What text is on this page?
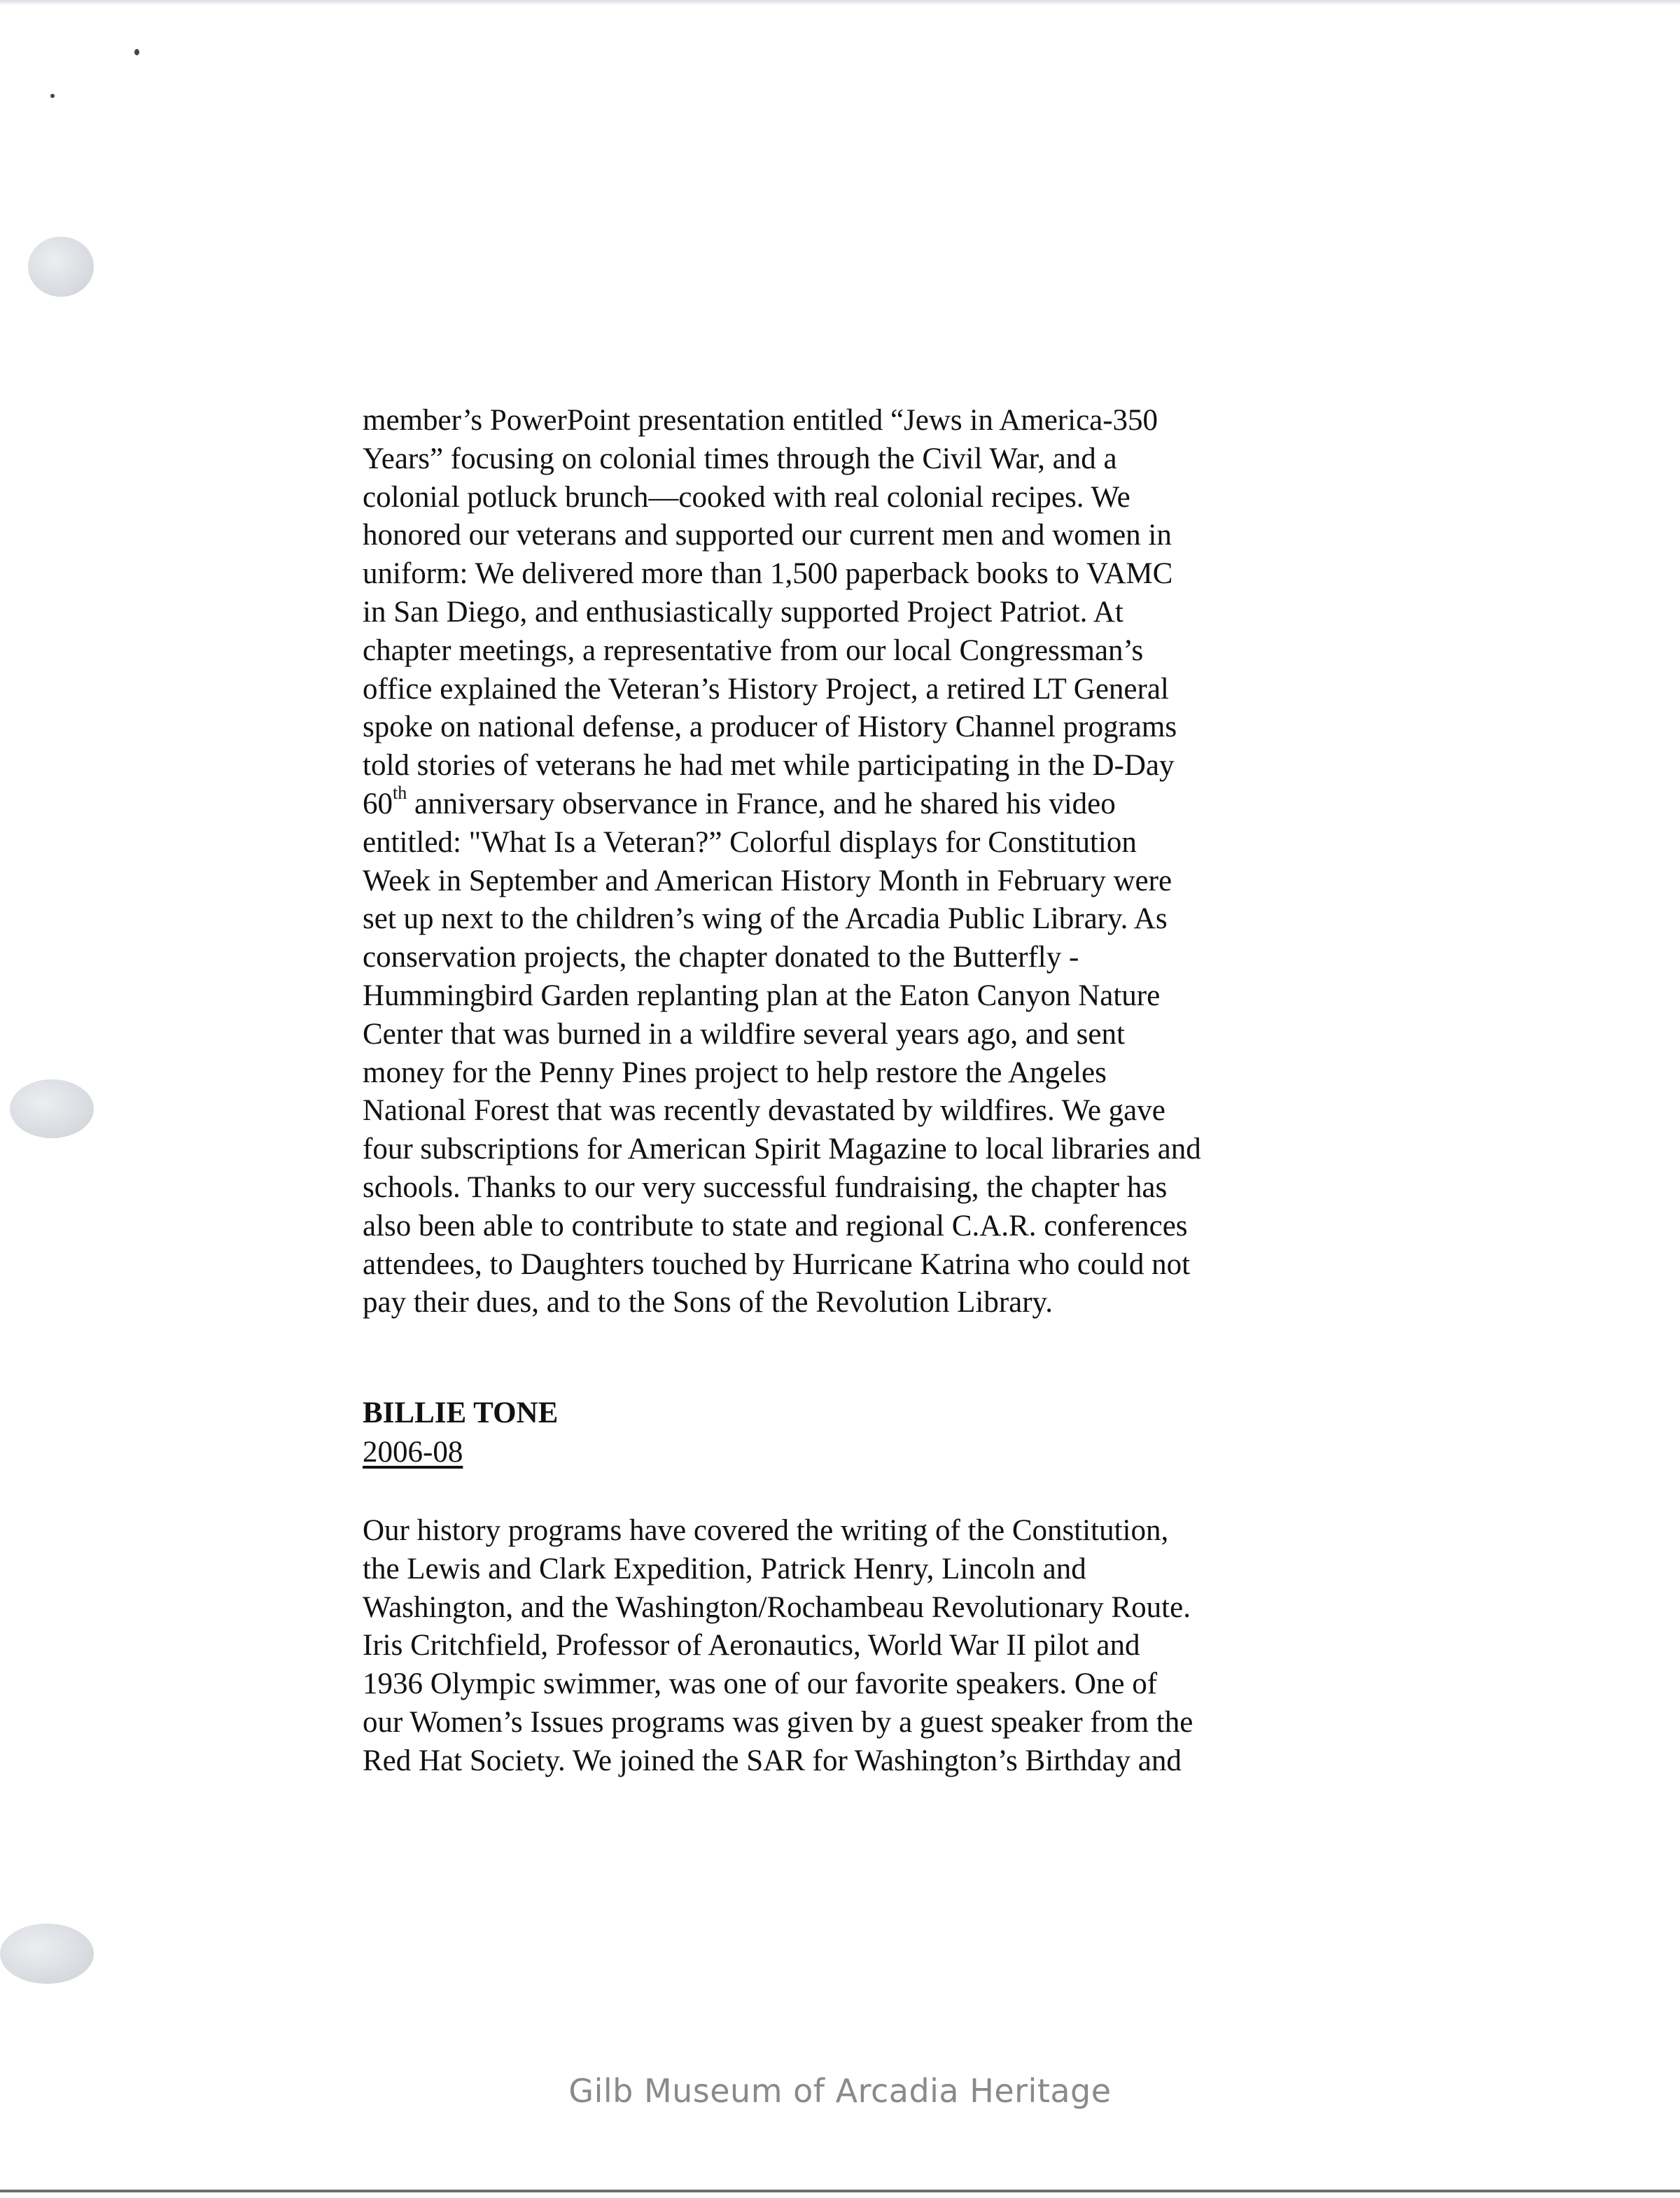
member’s PowerPoint presentation entitled “Jews in America-350
Years” focusing on colonial times through the Civil War, and a
colonial potluck brunch—cooked with real colonial recipes. We
honored our veterans and supported our current men and women in
uniform: We delivered more than 1,500 paperback books to VAMC
in San Diego, and enthusiastically supported Project Patriot. At
chapter meetings, a representative from our local Congressman’s
office explained the Veteran’s History Project, a retired LT General
spoke on national defense, a producer of History Channel programs
told stories of veterans he had met while participating in the D-Day
60th anniversary observance in France, and he shared his video
entitled: "What Is a Veteran?” Colorful displays for Constitution
Week in September and American History Month in February were
set up next to the children’s wing of the Arcadia Public Library. As
conservation projects, the chapter donated to the Butterfly -
Hummingbird Garden replanting plan at the Eaton Canyon Nature
Center that was burned in a wildfire several years ago, and sent
money for the Penny Pines project to help restore the Angeles
National Forest that was recently devastated by wildfires. We gave
four subscriptions for American Spirit Magazine to local libraries and
schools. Thanks to our very successful fundraising, the chapter has
also been able to contribute to state and regional C.A.R. conferences
attendees, to Daughters touched by Hurricane Katrina who could not
pay their dues, and to the Sons of the Revolution Library.
BILLIE TONE
2006-08
Our history programs have covered the writing of the Constitution,
the Lewis and Clark Expedition, Patrick Henry, Lincoln and
Washington, and the Washington/Rochambeau Revolutionary Route.
Iris Critchfield, Professor of Aeronautics, World War II pilot and
1936 Olympic swimmer, was one of our favorite speakers. One of
our Women’s Issues programs was given by a guest speaker from the
Red Hat Society. We joined the SAR for Washington’s Birthday and
Gilb Museum of Arcadia Heritage
